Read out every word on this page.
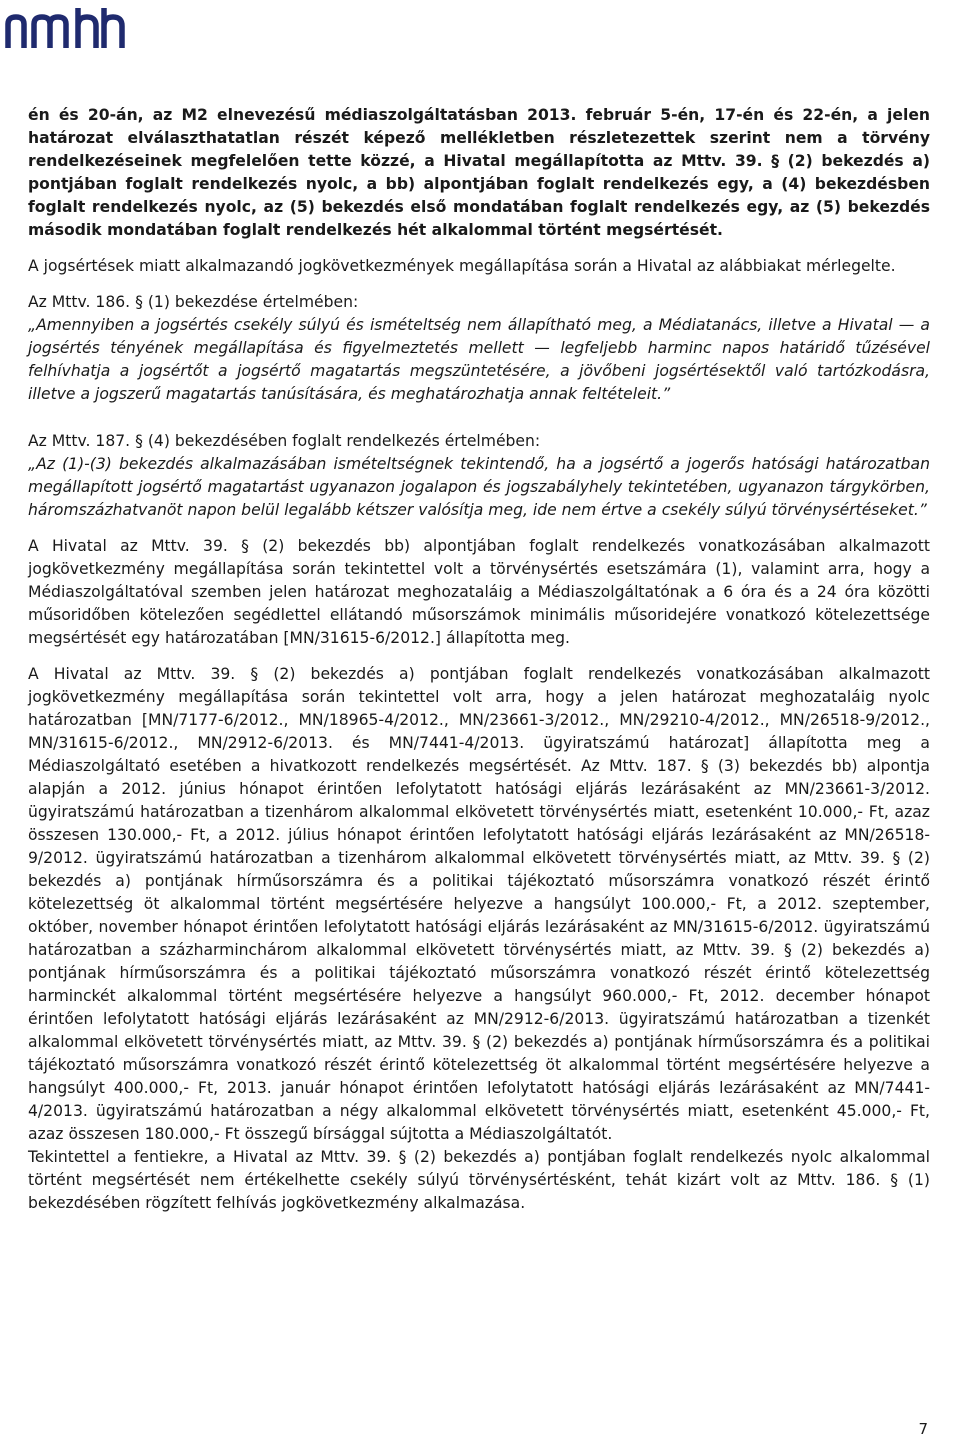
én és 20-án, az M2 elnevezésű médiaszolgáltatásban 2013. február 5-én, 17-én és 22-én, a jelen határozat elválaszthatatlan részét képező mellékletben részletezettek szerint nem a törvény rendelkezéseinek megfelelően tette közzé, a Hivatal megállapította az Mttv. 39. § (2) bekezdés a) pontjában foglalt rendelkezés nyolc, a bb) alpontjában foglalt rendelkezés egy, a (4) bekezdésben foglalt rendelkezés nyolc, az (5) bekezdés első mondatában foglalt rendelkezés egy, az (5) bekezdés második mondatában foglalt rendelkezés hét alkalommal történt megsértését.

A jogsértések miatt alkalmazandó jogkövetkezmények megállapítása során a Hivatal az alábbiakat mérlegelte.

Az Mttv. 186. § (1) bekezdése értelmében:

„Amennyiben a jogsértés csekély súlyú és ismételtség nem állapítható meg, a Médiatanács, illetve a Hivatal — a jogsértés tényének megállapítása és figyelmeztetés mellett — legfeljebb harminc napos határidő tűzésével felhívhatja a jogsértőt a jogsértő magatartás megszüntetésére, a jövőbeni jogsértésektől való tartózkodásra, illetve a jogszerű magatartás tanúsítására, és meghatározhatja annak feltételeit.”

Az Mttv. 187. § (4) bekezdésében foglalt rendelkezés értelmében:

„Az (1)-(3) bekezdés alkalmazásában ismételtségnek tekintendő, ha a jogsértő a jogerős hatósági határozatban megállapított jogsértő magatartást ugyanazon jogalapon és jogszabályhely tekintetében, ugyanazon tárgykörben, háromszázhatvanöt napon belül legalább kétszer valósítja meg, ide nem értve a csekély súlyú törvénysértéseket.”

A Hivatal az Mttv. 39. § (2) bekezdés bb) alpontjában foglalt rendelkezés vonatkozásában alkalmazott jogkövetkezmény megállapítása során tekintettel volt a törvénysértés esetszámára (1), valamint arra, hogy a Médiaszolgáltatóval szemben jelen határozat meghozataláig a Médiaszolgáltatónak a 6 óra és a 24 óra közötti műsoridőben kötelezően segédlettel ellátandó műsorszámok minimális műsoridejére vonatkozó kötelezettsége megsértését egy határozatában [MN/31615-6/2012.] állapította meg.

A Hivatal az Mttv. 39. § (2) bekezdés a) pontjában foglalt rendelkezés vonatkozásában alkalmazott jogkövetkezmény megállapítása során tekintettel volt arra, hogy a jelen határozat meghozataláig nyolc határozatban [MN/7177-6/2012., MN/18965-4/2012., MN/23661-3/2012., MN/29210-4/2012., MN/26518-9/2012., MN/31615-6/2012., MN/2912-6/2013. és MN/7441-4/2013. ügyiratszámú határozat] állapította meg a Médiaszolgáltató esetében a hivatkozott rendelkezés megsértését. Az Mttv. 187. § (3) bekezdés bb) alpontja alapján a 2012. június hónapot érintően lefolytatott hatósági eljárás lezárásaként az MN/23661-3/2012. ügyiratszámú határozatban a tizenhárom alkalommal elkövetett törvénysértés miatt, esetenként 10.000,- Ft, azaz összesen 130.000,- Ft, a 2012. július hónapot érintően lefolytatott hatósági eljárás lezárásaként az MN/26518-9/2012. ügyiratszámú határozatban a tizenhárom alkalommal elkövetett törvénysértés miatt, az Mttv. 39. § (2) bekezdés a) pontjának hírműsorszámra és a politikai tájékoztató műsorszámra vonatkozó részét érintő kötelezettség öt alkalommal történt megsértésére helyezve a hangsúlyt 100.000,- Ft, a 2012. szeptember, október, november hónapot érintően lefolytatott hatósági eljárás lezárásaként az MN/31615-6/2012. ügyiratszámú határozatban a százharminchárom alkalommal elkövetett törvénysértés miatt, az Mttv. 39. § (2) bekezdés a) pontjának hírműsorszámra és a politikai tájékoztató műsorszámra vonatkozó részét érintő kötelezettség harminckét alkalommal történt megsértésére helyezve a hangsúlyt 960.000,- Ft, 2012. december hónapot érintően lefolytatott hatósági eljárás lezárásaként az MN/2912-6/2013. ügyiratszámú határozatban a tizenkét alkalommal elkövetett törvénysértés miatt, az Mttv. 39. § (2) bekezdés a) pontjának hírműsorszámra és a politikai tájékoztató műsorszámra vonatkozó részét érintő kötelezettség öt alkalommal történt megsértésére helyezve a hangsúlyt 400.000,- Ft, 2013. január hónapot érintően lefolytatott hatósági eljárás lezárásaként az MN/7441-4/2013. ügyiratszámú határozatban a négy alkalommal elkövetett törvénysértés miatt, esetenként 45.000,- Ft, azaz összesen 180.000,- Ft összegű bírsággal sújtotta a Médiaszolgáltatót.

Tekintettel a fentiekre, a Hivatal az Mttv. 39. § (2) bekezdés a) pontjában foglalt rendelkezés nyolc alkalommal történt megsértését nem értékelhette csekély súlyú törvénysértésként, tehát kizárt volt az Mttv. 186. § (1) bekezdésében rögzített felhívás jogkövetkezmény alkalmazása.

7
